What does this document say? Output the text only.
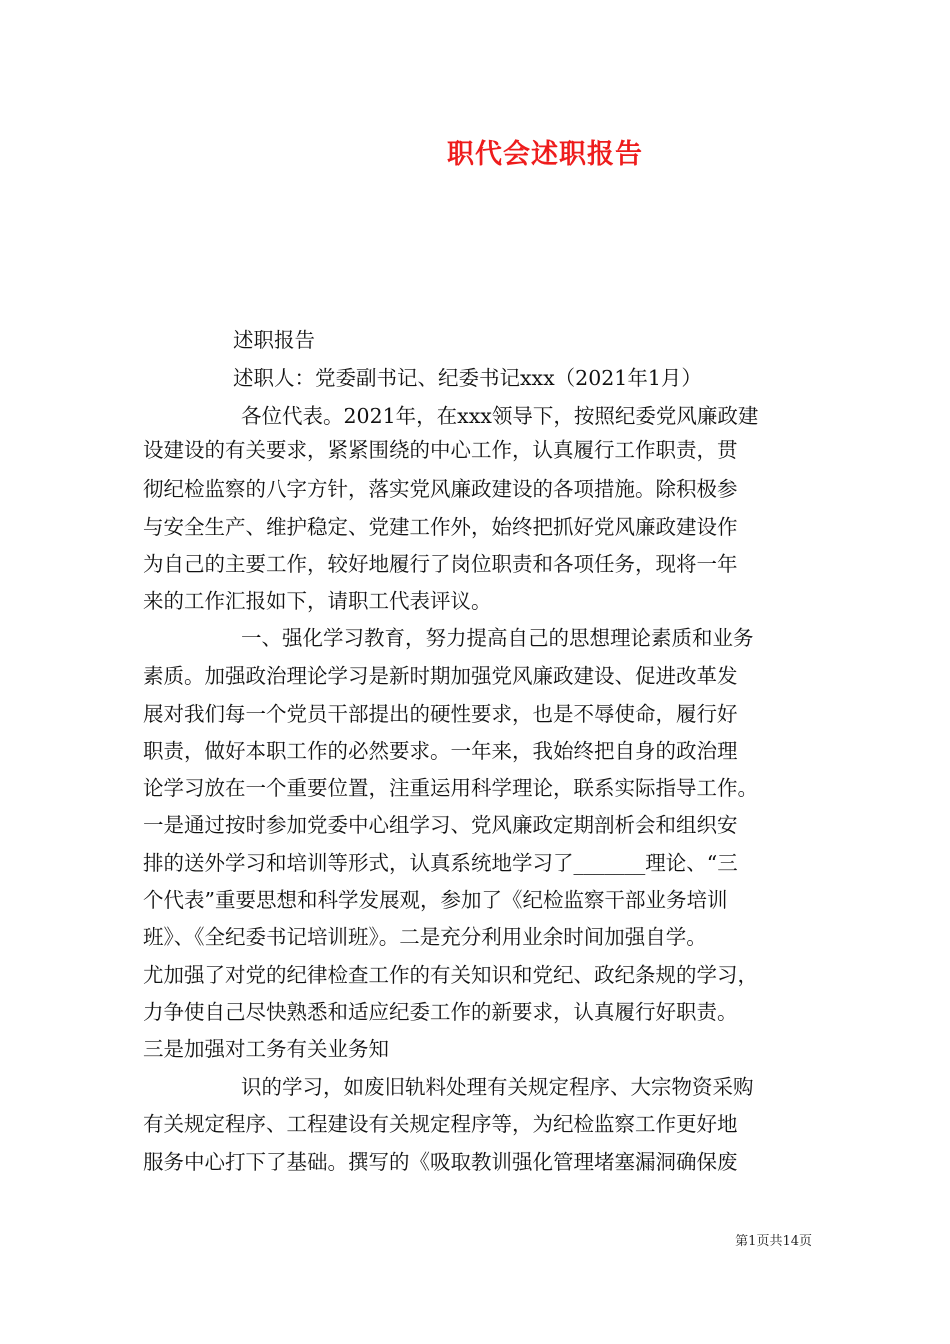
职代会述职报告
述职报告
述职人：党委副书记、纪委书记xxx（2021年1月）
各位代表。2021年，在xxx领导下，按照纪委党风廉政建
设建设的有关要求，紧紧围绕的中心工作，认真履行工作职责，贯
彻纪检监察的八字方针，落实党风廉政建设的各项措施。除积极参
与安全生产、维护稳定、党建工作外，始终把抓好党风廉政建设作
为自己的主要工作，较好地履行了岗位职责和各项任务，现将一年
来的工作汇报如下，请职工代表评议。
一、强化学习教育，努力提高自己的思想理论素质和业务
素质。加强政治理论学习是新时期加强党风廉政建设、促进改革发
展对我们每一个党员干部提出的硬性要求，也是不辱使命，履行好
职责，做好本职工作的必然要求。一年来，我始终把自身的政治理
论学习放在一个重要位置，注重运用科学理论，联系实际指导工作。
一是通过按时参加党委中心组学习、党风廉政定期剖析会和组织安
排的送外学习和培训等形式，认真系统地学习了_______理论、“三
个代表”重要思想和科学发展观，参加了《纪检监察干部业务培训
班》、《全纪委书记培训班》。二是充分利用业余时间加强自学。
尤加强了对党的纪律检查工作的有关知识和党纪、政纪条规的学习，
力争使自己尽快熟悉和适应纪委工作的新要求，认真履行好职责。
三是加强对工务有关业务知
识的学习，如废旧轨料处理有关规定程序、大宗物资采购
有关规定程序、工程建设有关规定程序等，为纪检监察工作更好地
服务中心打下了基础。撰写的《吸取教训强化管理堵塞漏洞确保废
第1页共14页
